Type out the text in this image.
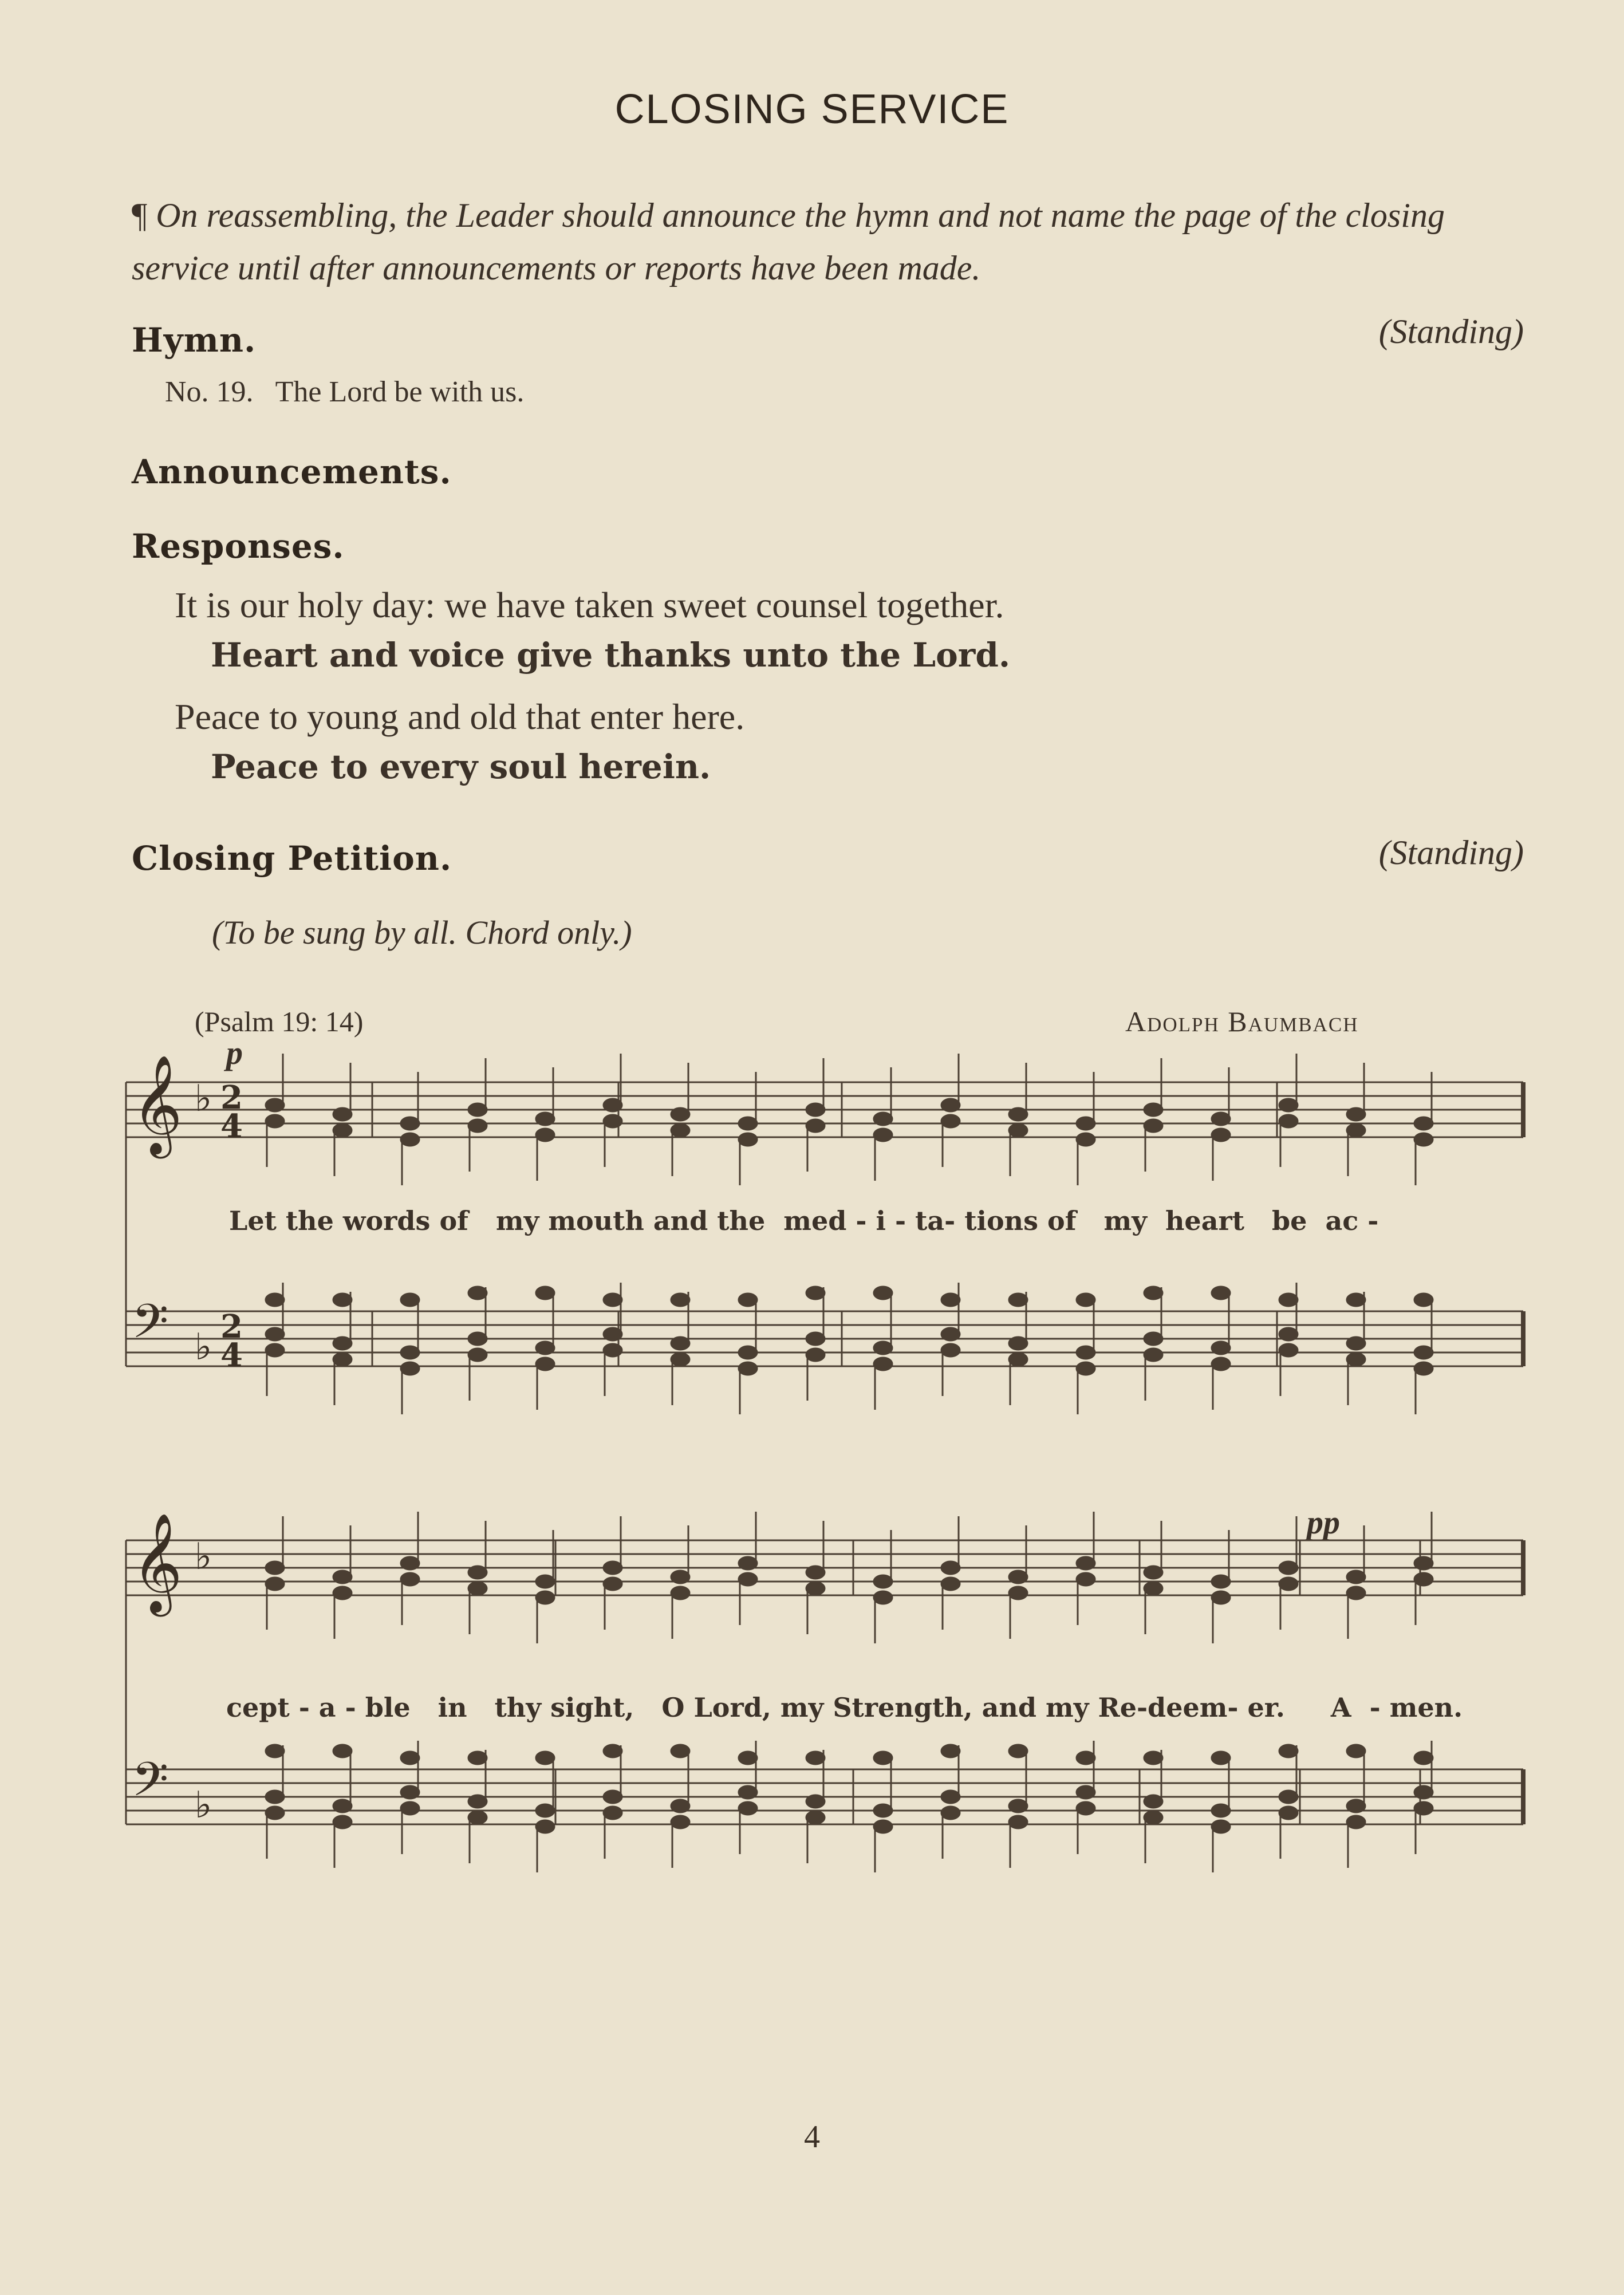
CLOSING SERVICE
¶ On reassembling, the Leader should announce the hymn and not name the page of the closing service until after announcements or reports have been made.
Hymn.	(Standing)
No. 19. The Lord be with us.
Announcements.
Responses.
It is our holy day: we have taken sweet counsel together.
Heart and voice give thanks unto the Lord.
Peace to young and old that enter here.
Peace to every soul herein.
Closing Petition.	(Standing)
(To be sung by all. Chord only.)
(Psalm 19: 14)	Adolph Baumbach
p
pp
𝄞 ♭ 2
4
𝄢 ♭ 2
4
𝄞 ♭
𝄢 ♭
Let the words of   my mouth and the  med - i - ta- tions of   my  heart   be  ac -
cept - a - ble   in   thy sight,   O Lord, my Strength, and my Re-deem- er.     A  - men.
4
